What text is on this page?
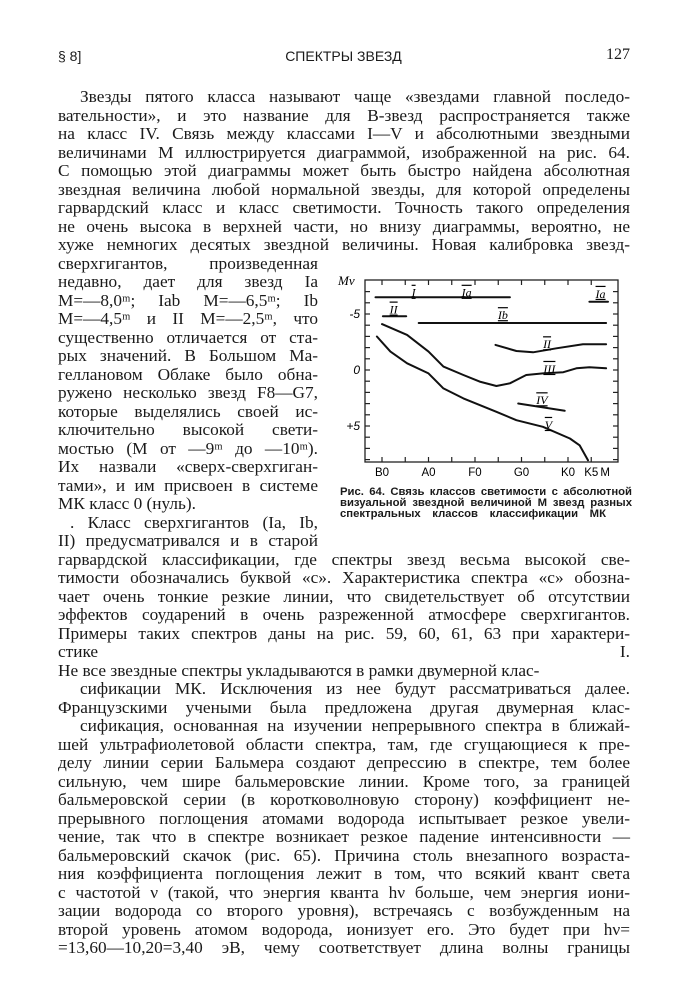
§ 8]	СПЕКТРЫ ЗВЕЗД	127
Звезды пятого класса называют чаще «звездами главной последо-
вательности», и это название для В-звезд распространяется также
на класс IV. Связь между классами I—V и абсолютными звездными
величинами M иллюстрируется диаграммой, изображенной на рис. 64.
С помощью этой диаграммы может быть быстро найдена абсолютная
звездная величина любой нормальной звезды, для которой определены
гарвардский класс и класс светимости. Точность такого определения
не очень высока в верхней части, но внизу диаграммы, вероятно, не
хуже немногих десятых звездной величины. Новая калибровка звезд-
сверхгигантов, произведенная
недавно, дает для звезд Ia
M=—8,0ᵐ; Iab M=—6,5ᵐ; Ib
M=—4,5ᵐ и II M=—2,5ᵐ, что
существенно отличается от ста-
рых значений. В Большом Ма-
геллановом Облаке было обна-
ружено несколько звезд F8—G7,
которые выделялись своей ис-
ключительно высокой свети-
мостью (M от —9ᵐ до —10ᵐ).
Их назвали «сверх-сверхгиган-
тами», и им присвоен в системе
МК класс 0 (нуль).
. Класс сверхгигантов (Ia, Ib,
II) предусматривался и в старой
гарвардской классификации, где спектры звезд весьма высокой све-
тимости обозначались буквой «с». Характеристика спектра «с» обозна-
чает очень тонкие резкие линии, что свидетельствует об отсутствии
эффектов соударений в очень разреженной атмосфере сверхгигантов.
Примеры таких спектров даны на рис. 59, 60, 61, 63 при характери-
стике I.
Не все звездные спектры укладываются в рамки двумерной клас-
сификации МК. Исключения из нее будут рассматриваться далее.
Французскими учеными была предложена другая двумерная клас-
сификация, основанная на изучении непрерывного спектра в ближай-
шей ультрафиолетовой области спектра, там, где сгущающиеся к пре-
делу линии серии Бальмера создают депрессию в спектре, тем более
сильную, чем шире бальмеровские линии. Кроме того, за границей
бальмеровской серии (в коротковолновую сторону) коэффициент не-
прерывного поглощения атомами водорода испытывает резкое увели-
чение, так что в спектре возникает резкое падение интенсивности —
бальмеровский скачок (рис. 65). Причина столь внезапного возраста-
ния коэффициента поглощения лежит в том, что всякий квант света
с частотой ν (такой, что энергия кванта hν больше, чем энергия иони-
зации водорода со второго уровня), встречаясь с возбужденным на
второй уровень атомом водорода, ионизует его. Это будет при hν=
=13,60—10,20=3,40 эВ, чему соответствует длина волны границы
Mv
-5
0
+5
B0	A0	F0	G0	K0 K5 M
Ia	Ia
I
Ib
II
II
III
IV
V
Рис. 64. Связь классов светимости с абсолютной
визуальной звездной величиной M звезд разных
спектральных классов классификации МК
